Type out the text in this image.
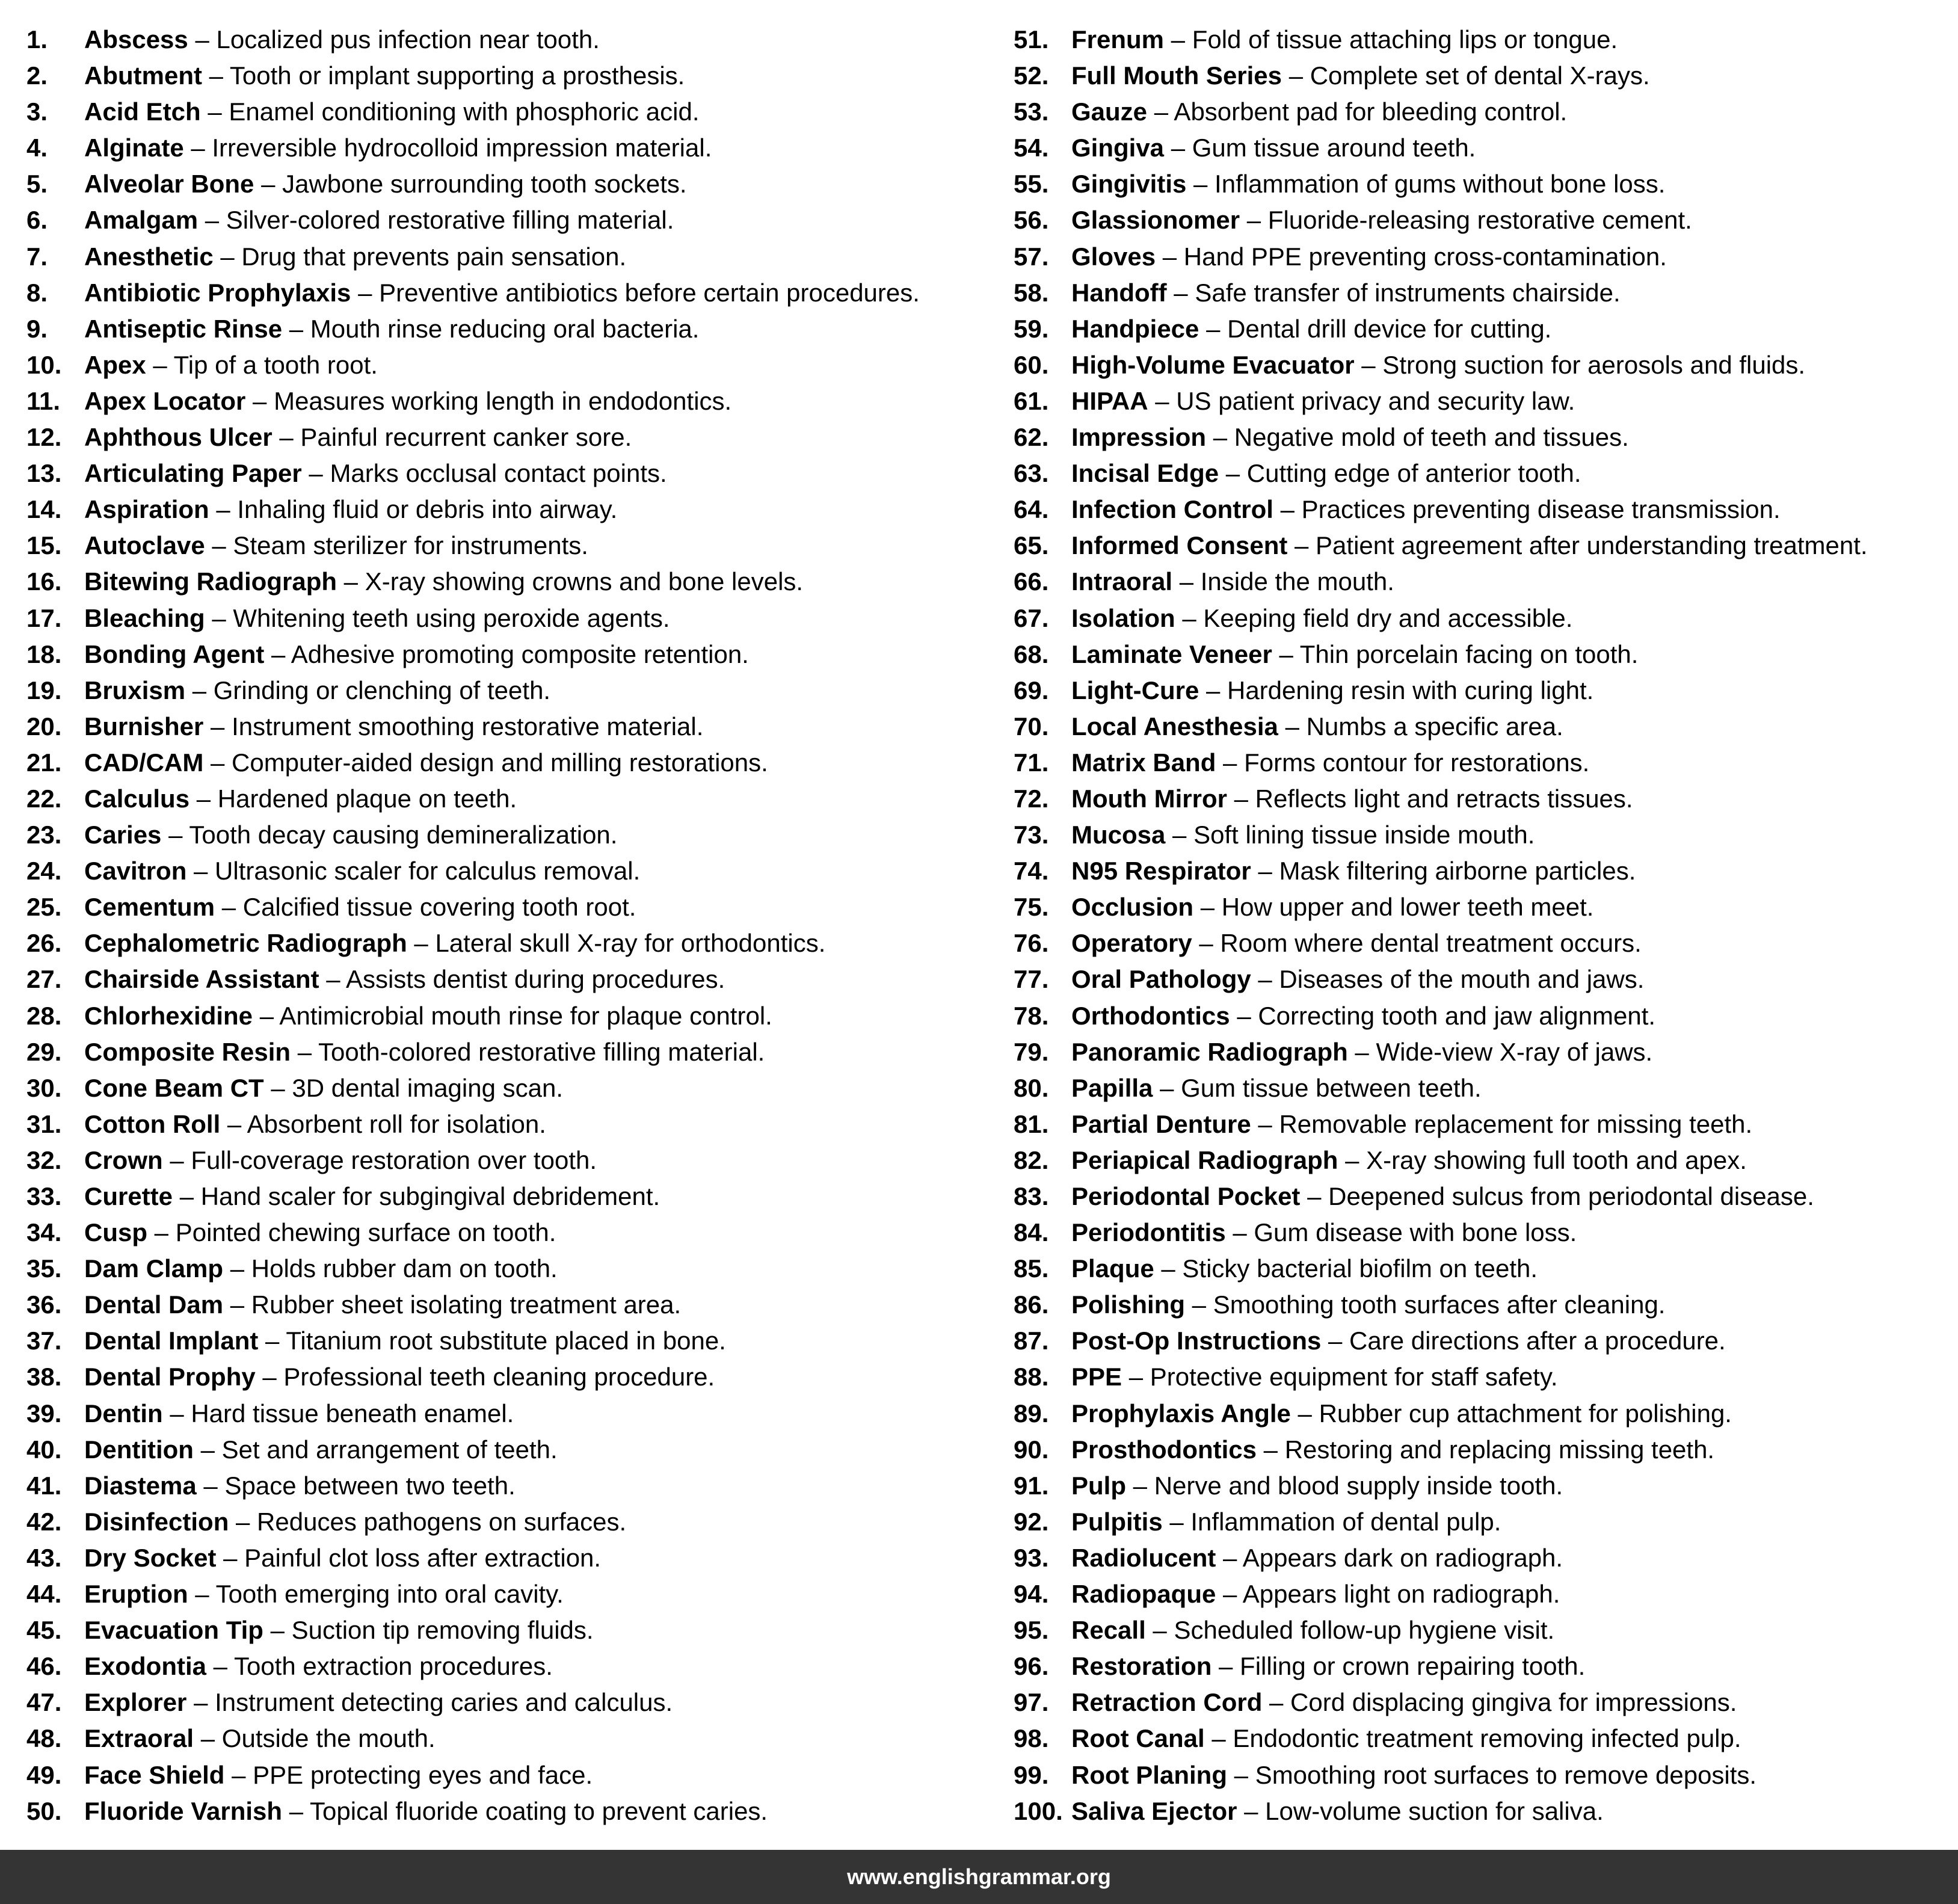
1. Abscess – Localized pus infection near tooth.
2. Abutment – Tooth or implant supporting a prosthesis.
3. Acid Etch – Enamel conditioning with phosphoric acid.
4. Alginate – Irreversible hydrocolloid impression material.
5. Alveolar Bone – Jawbone surrounding tooth sockets.
6. Amalgam – Silver-colored restorative filling material.
7. Anesthetic – Drug that prevents pain sensation.
8. Antibiotic Prophylaxis – Preventive antibiotics before certain procedures.
9. Antiseptic Rinse – Mouth rinse reducing oral bacteria.
10. Apex – Tip of a tooth root.
11. Apex Locator – Measures working length in endodontics.
12. Aphthous Ulcer – Painful recurrent canker sore.
13. Articulating Paper – Marks occlusal contact points.
14. Aspiration – Inhaling fluid or debris into airway.
15. Autoclave – Steam sterilizer for instruments.
16. Bitewing Radiograph – X-ray showing crowns and bone levels.
17. Bleaching – Whitening teeth using peroxide agents.
18. Bonding Agent – Adhesive promoting composite retention.
19. Bruxism – Grinding or clenching of teeth.
20. Burnisher – Instrument smoothing restorative material.
21. CAD/CAM – Computer-aided design and milling restorations.
22. Calculus – Hardened plaque on teeth.
23. Caries – Tooth decay causing demineralization.
24. Cavitron – Ultrasonic scaler for calculus removal.
25. Cementum – Calcified tissue covering tooth root.
26. Cephalometric Radiograph – Lateral skull X-ray for orthodontics.
27. Chairside Assistant – Assists dentist during procedures.
28. Chlorhexidine – Antimicrobial mouth rinse for plaque control.
29. Composite Resin – Tooth-colored restorative filling material.
30. Cone Beam CT – 3D dental imaging scan.
31. Cotton Roll – Absorbent roll for isolation.
32. Crown – Full-coverage restoration over tooth.
33. Curette – Hand scaler for subgingival debridement.
34. Cusp – Pointed chewing surface on tooth.
35. Dam Clamp – Holds rubber dam on tooth.
36. Dental Dam – Rubber sheet isolating treatment area.
37. Dental Implant – Titanium root substitute placed in bone.
38. Dental Prophy – Professional teeth cleaning procedure.
39. Dentin – Hard tissue beneath enamel.
40. Dentition – Set and arrangement of teeth.
41. Diastema – Space between two teeth.
42. Disinfection – Reduces pathogens on surfaces.
43. Dry Socket – Painful clot loss after extraction.
44. Eruption – Tooth emerging into oral cavity.
45. Evacuation Tip – Suction tip removing fluids.
46. Exodontia – Tooth extraction procedures.
47. Explorer – Instrument detecting caries and calculus.
48. Extraoral – Outside the mouth.
49. Face Shield – PPE protecting eyes and face.
50. Fluoride Varnish – Topical fluoride coating to prevent caries.
51. Frenum – Fold of tissue attaching lips or tongue.
52. Full Mouth Series – Complete set of dental X-rays.
53. Gauze – Absorbent pad for bleeding control.
54. Gingiva – Gum tissue around teeth.
55. Gingivitis – Inflammation of gums without bone loss.
56. Glassionomer – Fluoride-releasing restorative cement.
57. Gloves – Hand PPE preventing cross-contamination.
58. Handoff – Safe transfer of instruments chairside.
59. Handpiece – Dental drill device for cutting.
60. High-Volume Evacuator – Strong suction for aerosols and fluids.
61. HIPAA – US patient privacy and security law.
62. Impression – Negative mold of teeth and tissues.
63. Incisal Edge – Cutting edge of anterior tooth.
64. Infection Control – Practices preventing disease transmission.
65. Informed Consent – Patient agreement after understanding treatment.
66. Intraoral – Inside the mouth.
67. Isolation – Keeping field dry and accessible.
68. Laminate Veneer – Thin porcelain facing on tooth.
69. Light-Cure – Hardening resin with curing light.
70. Local Anesthesia – Numbs a specific area.
71. Matrix Band – Forms contour for restorations.
72. Mouth Mirror – Reflects light and retracts tissues.
73. Mucosa – Soft lining tissue inside mouth.
74. N95 Respirator – Mask filtering airborne particles.
75. Occlusion – How upper and lower teeth meet.
76. Operatory – Room where dental treatment occurs.
77. Oral Pathology – Diseases of the mouth and jaws.
78. Orthodontics – Correcting tooth and jaw alignment.
79. Panoramic Radiograph – Wide-view X-ray of jaws.
80. Papilla – Gum tissue between teeth.
81. Partial Denture – Removable replacement for missing teeth.
82. Periapical Radiograph – X-ray showing full tooth and apex.
83. Periodontal Pocket – Deepened sulcus from periodontal disease.
84. Periodontitis – Gum disease with bone loss.
85. Plaque – Sticky bacterial biofilm on teeth.
86. Polishing – Smoothing tooth surfaces after cleaning.
87. Post-Op Instructions – Care directions after a procedure.
88. PPE – Protective equipment for staff safety.
89. Prophylaxis Angle – Rubber cup attachment for polishing.
90. Prosthodontics – Restoring and replacing missing teeth.
91. Pulp – Nerve and blood supply inside tooth.
92. Pulpitis – Inflammation of dental pulp.
93. Radiolucent – Appears dark on radiograph.
94. Radiopaque – Appears light on radiograph.
95. Recall – Scheduled follow-up hygiene visit.
96. Restoration – Filling or crown repairing tooth.
97. Retraction Cord – Cord displacing gingiva for impressions.
98. Root Canal – Endodontic treatment removing infected pulp.
99. Root Planing – Smoothing root surfaces to remove deposits.
100. Saliva Ejector – Low-volume suction for saliva.
www.englishgrammar.org
